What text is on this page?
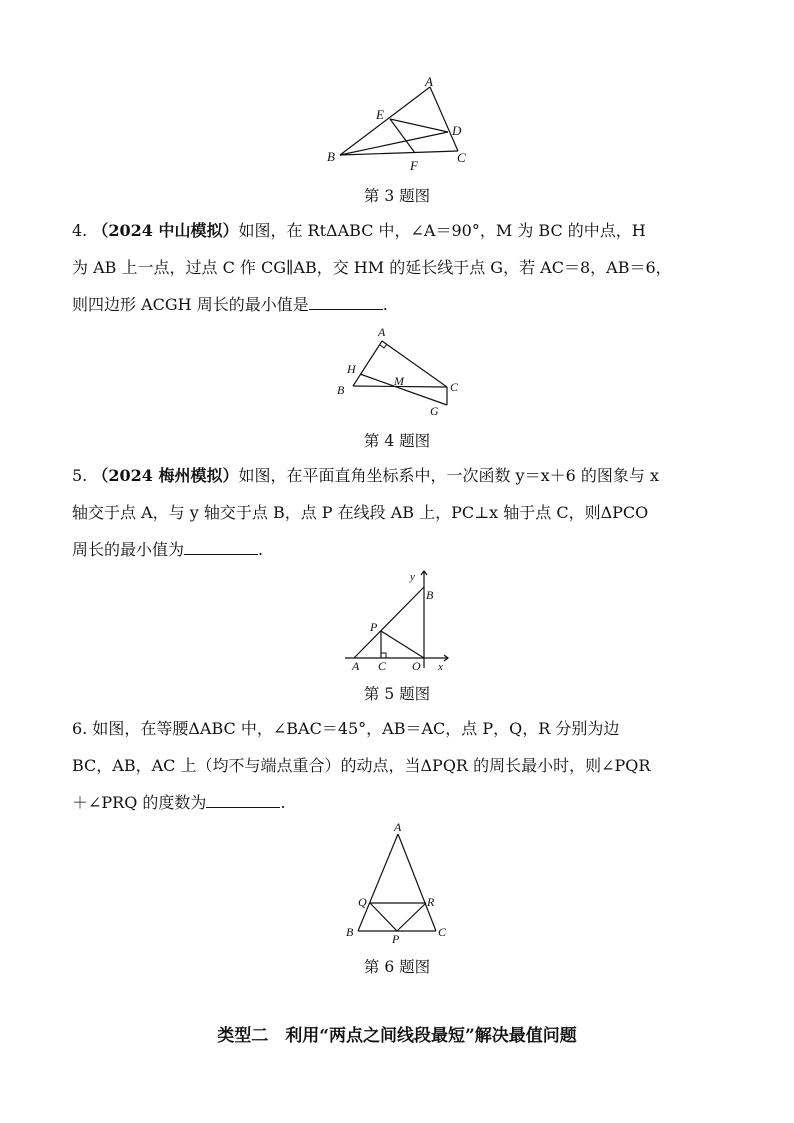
A
B	C
D
E
F
第 3 题图
4. （2024 中山模拟）如图，在 RtΔABC 中，∠A＝90°，M 为 BC 的中点，H
为 AB 上一点，过点 C 作 CG∥AB，交 HM 的延长线于点 G，若 AC＝8，AB＝6，
则四边形 ACGH 周长的最小值是	.
A
H
B
M	C
G
第 4 题图
5. （2024 梅州模拟）如图，在平面直角坐标系中，一次函数 y＝x＋6 的图象与 x
轴交于点 A，与 y 轴交于点 B，点 P 在线段 AB 上，PC⊥x 轴于点 C，则ΔPCO
周长的最小值为	.
y
B
P
A C O x
第 5 题图
6. 如图，在等腰ΔABC 中，∠BAC＝45°，AB＝AC，点 P，Q，R 分别为边
BC，AB，AC 上（均不与端点重合）的动点，当ΔPQR 的周长最小时，则∠PQR
＋∠PRQ 的度数为	.
A
Q	R
B	P	C
第 6 题图
类型二　利用“两点之间线段最短”解决最值问题
